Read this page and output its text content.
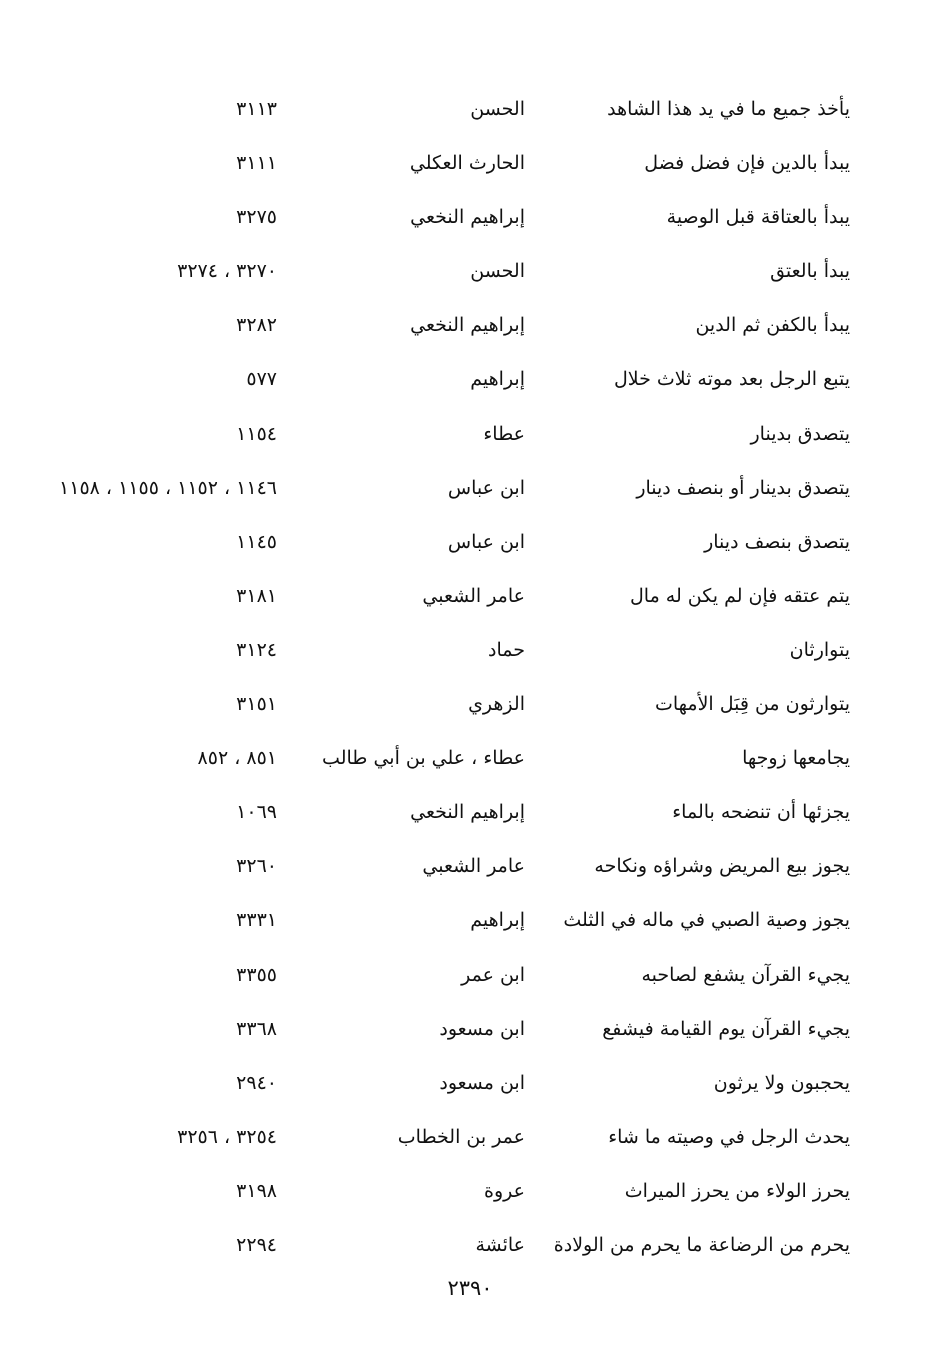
يأخذ جميع ما في يد هذا الشاهد
الحسن
٣١١٣
يبدأ بالدين فإن فضل فضل
الحارث العكلي
٣١١١
يبدأ بالعتاقة قبل الوصية
إبراهيم النخعي
٣٢٧٥
يبدأ بالعتق
الحسن
٣٢٧٠ ، ٣٢٧٤
يبدأ بالكفن ثم الدين
إبراهيم النخعي
٣٢٨٢
يتبع الرجل بعد موته ثلاث خلال
إبراهيم
٥٧٧
يتصدق بدينار
عطاء
١١٥٤
يتصدق بدينار أو بنصف دينار
ابن عباس
١١٤٦ ، ١١٥٢ ، ١١٥٥ ، ١١٥٨
يتصدق بنصف دينار
ابن عباس
١١٤٥
يتم عتقه فإن لم يكن له مال
عامر الشعبي
٣١٨١
يتوارثان
حماد
٣١٢٤
يتوارثون من قِبَل الأمهات
الزهري
٣١٥١
يجامعها زوجها
عطاء ، علي بن أبي طالب
٨٥١ ، ٨٥٢
يجزئها أن تنضحه بالماء
إبراهيم النخعي
١٠٦٩
يجوز بيع المريض وشراؤه ونكاحه
عامر الشعبي
٣٢٦٠
يجوز وصية الصبي في ماله في الثلث
إبراهيم
٣٣٣١
يجيء القرآن يشفع لصاحبه
ابن عمر
٣٣٥٥
يجيء القرآن يوم القيامة فيشفع
ابن مسعود
٣٣٦٨
يحجبون ولا يرثون
ابن مسعود
٢٩٤٠
يحدث الرجل في وصيته ما شاء
عمر بن الخطاب
٣٢٥٤ ، ٣٢٥٦
يحرز الولاء من يحرز الميراث
عروة
٣١٩٨
يحرم من الرضاعة ما يحرم من الولادة
عائشة
٢٢٩٤
٢٣٩٠
